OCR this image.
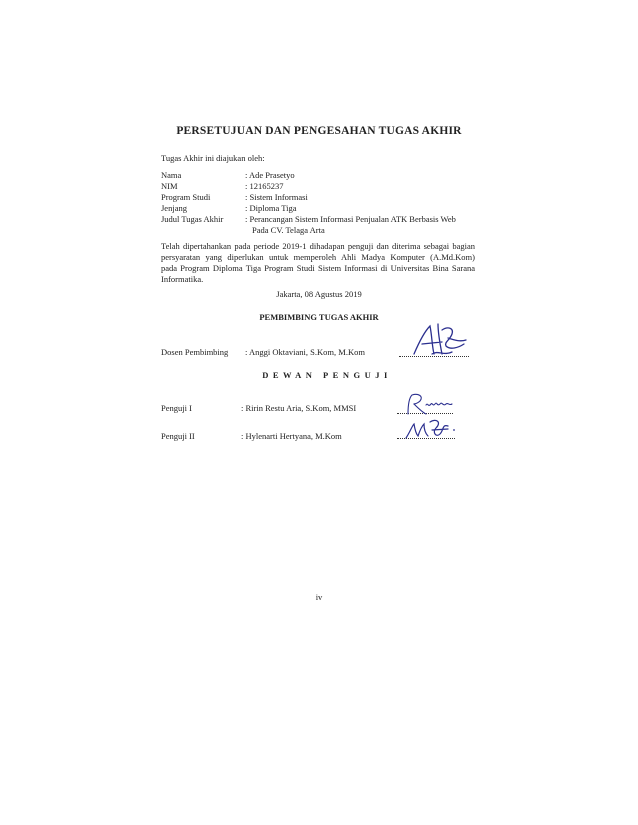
PERSETUJUAN DAN PENGESAHAN TUGAS AKHIR
Tugas Akhir ini diajukan oleh:
Nama	: Ade Prasetyo
NIM	: 12165237
Program Studi	: Sistem Informasi
Jenjang	: Diploma Tiga
Judul Tugas Akhir	: Perancangan Sistem Informasi Penjualan ATK Berbasis Web
Pada CV. Telaga Arta
Telah dipertahankan pada periode 2019-1 dihadapan penguji dan diterima sebagai bagian
persyaratan yang diperlukan untuk memperoleh Ahli Madya Komputer (A.Md.Kom)
pada Program Diploma Tiga Program Studi Sistem Informasi di Universitas Bina Sarana
Informatika.
Jakarta, 08 Agustus 2019
PEMBIMBING TUGAS AKHIR
Dosen Pembimbing : Anggi Oktaviani, S.Kom, M.Kom
DEWAN PENGUJI
Penguji I	: Ririn Restu Aria, S.Kom, MMSI
Penguji II	: Hylenarti Hertyana, M.Kom
iv
